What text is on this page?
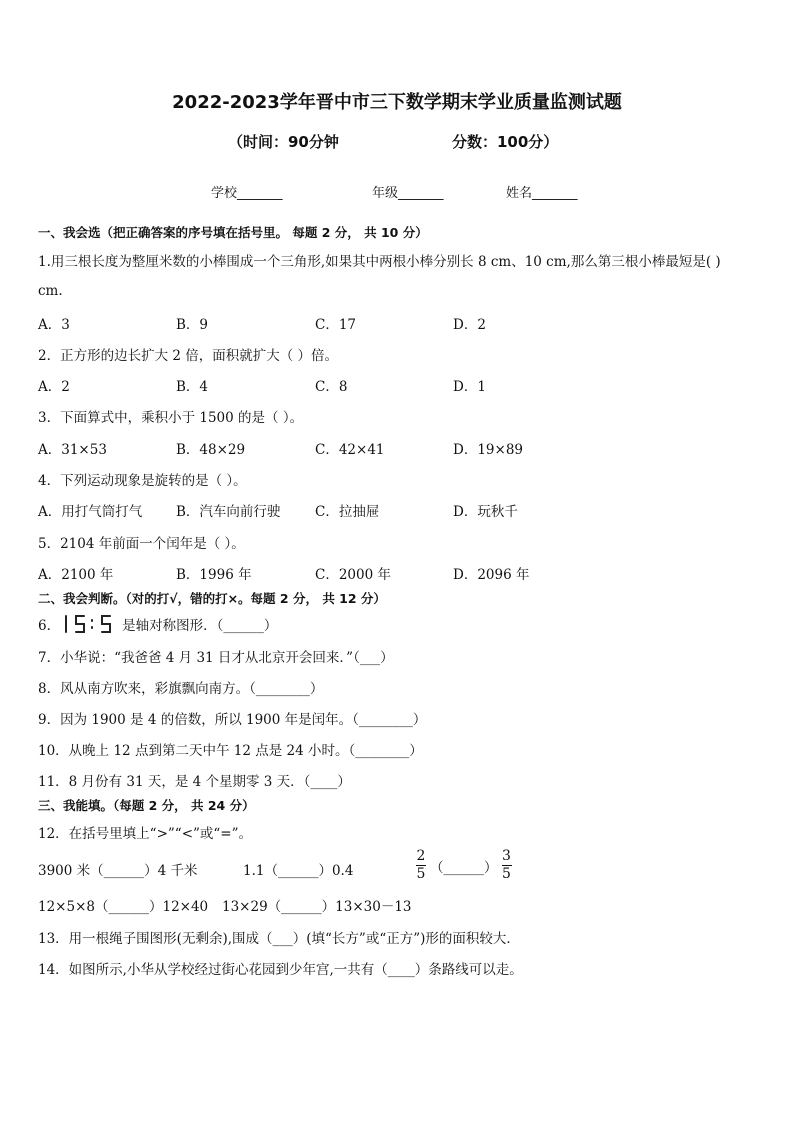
2022-2023学年晋中市三下数学期末学业质量监测试题
（时间：90分钟	分数：100分）
学校_______	年级_______	姓名_______
一、我会选（把正确答案的序号填在括号里。 每题 2 分， 共 10 分）
1.用三根长度为整厘米数的小棒围成一个三角形,如果其中两根小棒分别长 8 cm、10 cm,那么第三根小棒最短是( )
cm.
A．3	B．9	C．17	D．2
2．正方形的边长扩大 2 倍，面积就扩大（ ）倍。
A．2	B．4	C．8	D．1
3．下面算式中，乘积小于 1500 的是（ ）。
A．31×53	B．48×29	C．42×41	D．19×89
4．下列运动现象是旋转的是（ ）。
A．用打气筒打气	B．汽车向前行驶	C．拉抽屉	D．玩秋千
5．2104 年前面一个闰年是（ ）。
A．2100 年	B．1996 年	C．2000 年	D．2096 年
二、我会判断。（对的打√，错的打×。每题 2 分， 共 12 分）
6．	是轴对称图形．（______）
7．小华说：“我爸爸 4 月 31 日才从北京开会回来．”（___）
8．风从南方吹来，彩旗飘向南方。（________）
9．因为 1900 是 4 的倍数，所以 1900 年是闰年。（________）
10．从晚上 12 点到第二天中午 12 点是 24 小时。（________）
11．8 月份有 31 天，是 4 个星期零 3 天．（____）
三、我能填。（每题 2 分， 共 24 分）
12．在括号里填上“>”“<”或“=”。
3900 米（______）4 千米	1.1（______）0.4	$\frac{2}{5}$ （______） $\frac{3}{5}$
12×5×8（______）12×40 13×29（______）13×30－13
13．用一根绳子围图形(无剩余),围成（___）(填“长方”或“正方”)形的面积较大．
14．如图所示,小华从学校经过街心花园到少年宫,一共有（____）条路线可以走。
